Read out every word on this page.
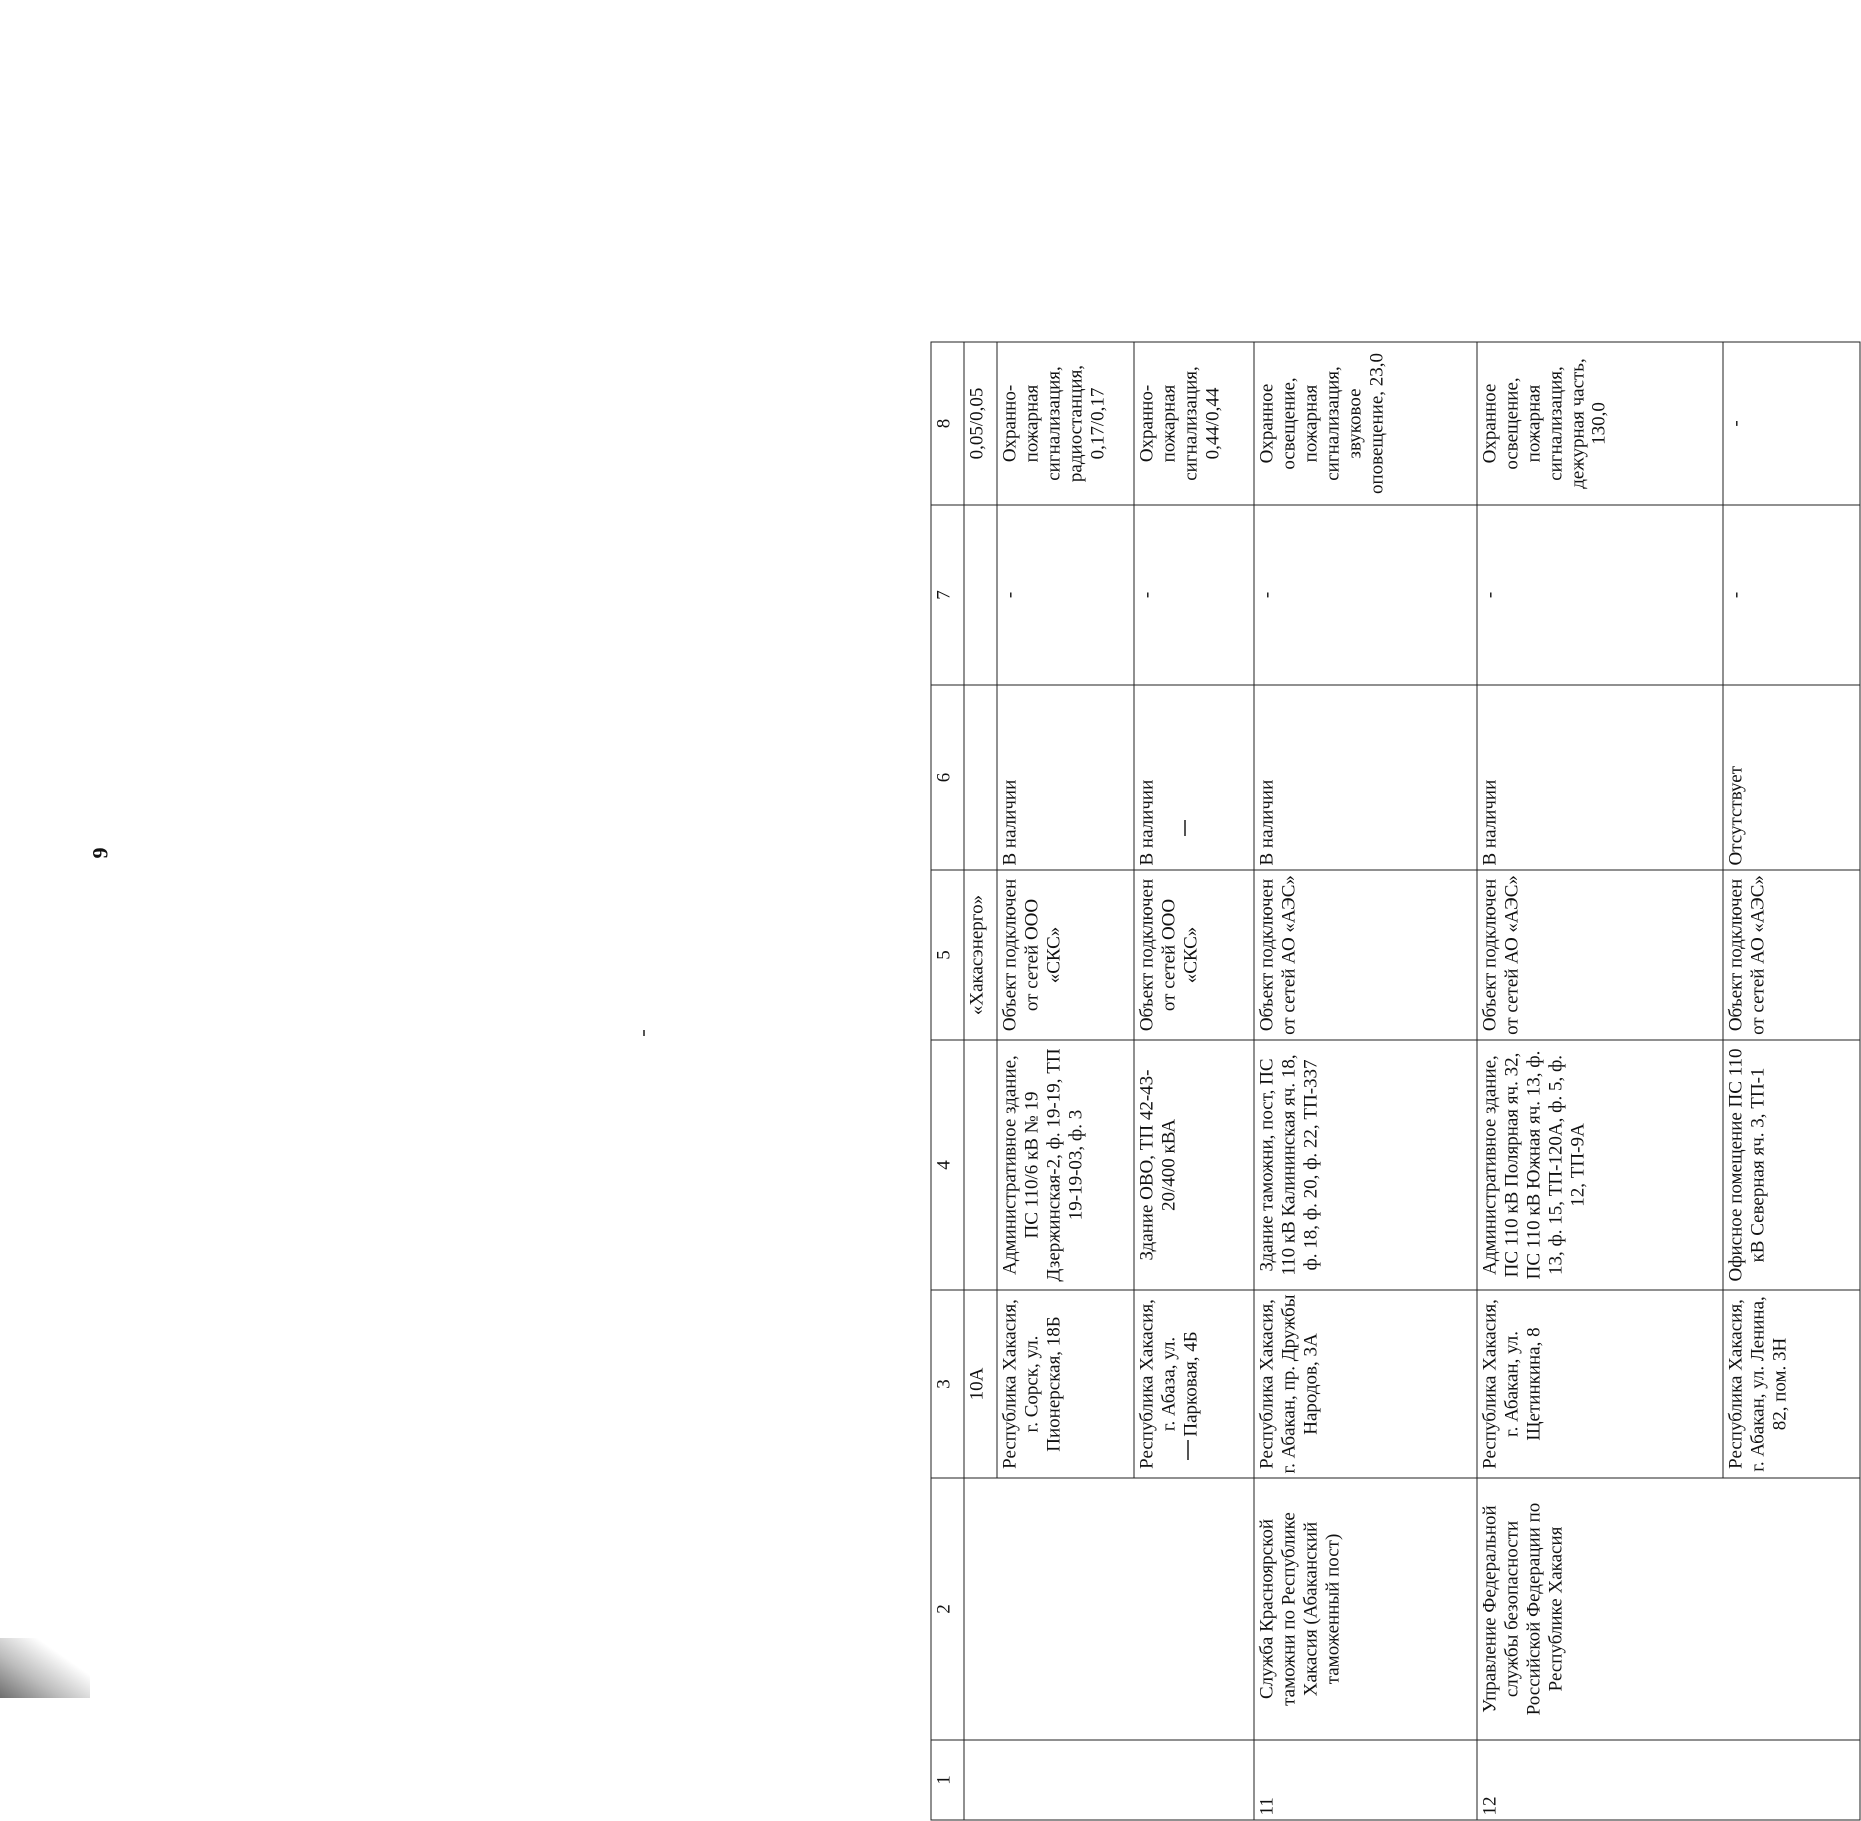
9
1	2	3	4	5	6	7	8
		10А		«Хакасэнерго»			0,05/0,05
		Республика Хакасия, г. Сорск, ул. Пионерская, 18Б	Административное здание, ПС 110/6 кВ № 19 Дзержинская-2, ф. 19-19, ТП 19-19-03, ф. 3	Объект подключен от сетей ООО «СКС»	В наличии	-	Охранно-пожарная сигнализация, радиостанция, 0,17/0,17
		Республика Хакасия, г. Абаза, ул. Парковая, 4Б	Здание ОВО, ТП 42-43-20/400 кВА	Объект подключен от сетей ООО «СКС»	В наличии	-	Охранно-пожарная сигнализация, 0,44/0,44
11	Служба Красноярской таможни по Республике Хакасия (Абаканский таможенный пост)	Республика Хакасия, г. Абакан, пр. Дружбы Народов, 3А	Здание таможни, пост, ПС 110 кВ Калининская яч. 18, ф. 18, ф. 20, ф. 22, ТП-337	Объект подключен от сетей АО «АЭС»	В наличии	-	Охранное освещение, пожарная сигнализация, звуковое оповещение, 23,0
12	Управление Федеральной службы безопасности Российской Федерации по Республике Хакасия	Республика Хакасия, г. Абакан, ул. Щетинкина, 8	Административное здание, ПС 110 кВ Полярная яч. 32, ПС 110 кВ Южная яч. 13, ф. 13, ф. 15, ТП-120А, ф. 5, ф. 12, ТП-9А	Объект подключен от сетей АО «АЭС»	В наличии	-	Охранное освещение, пожарная сигнализация, дежурная часть, 130,0
		Республика Хакасия, г. Абакан, ул. Ленина, 82, пом. 3Н	Офисное помещение ПС 110 кВ Северная яч. 3, ТП-1	Объект подключен от сетей АО «АЭС»	Отсутствует	-	-
